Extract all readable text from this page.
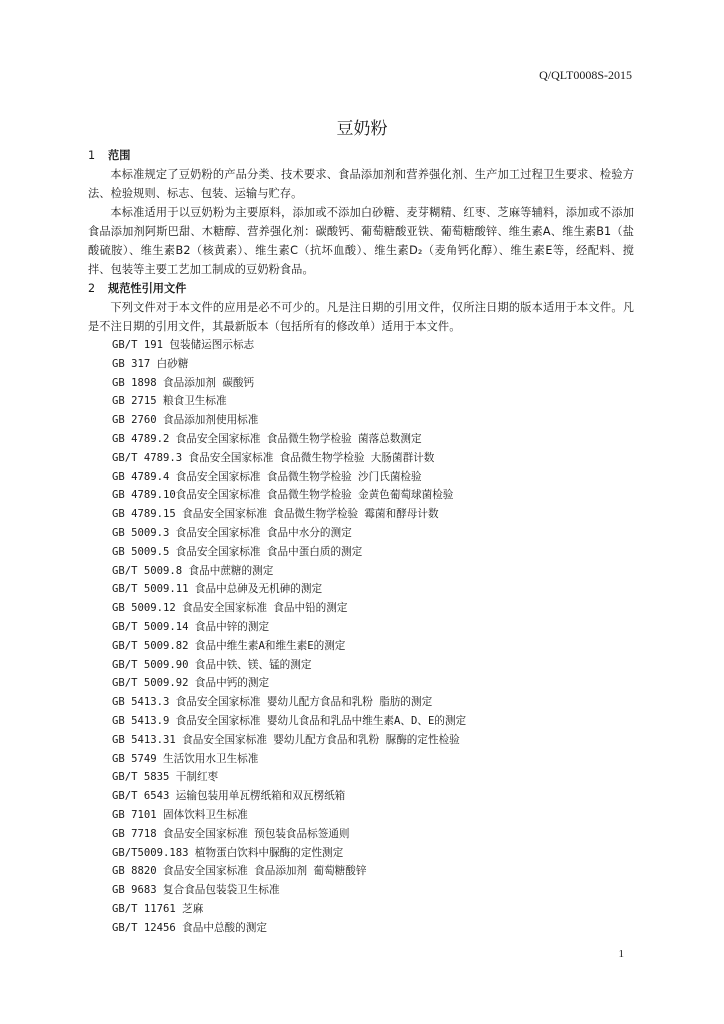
Q/QLT0008S-2015
豆奶粉
1 范围

本标准规定了豆奶粉的产品分类、技术要求、食品添加剂和营养强化剂、生产加工过程卫生要求、检验方法、检验规则、标志、包装、运输与贮存。

本标准适用于以豆奶粉为主要原料，添加或不添加白砂糖、麦芽糊精、红枣、芝麻等辅料，添加或不添加食品添加剂阿斯巴甜、木糖醇、营养强化剂：碳酸钙、葡萄糖酸亚铁、葡萄糖酸锌、维生素A、维生素B1（盐酸硫胺）、维生素B2（核黄素）、维生素C（抗坏血酸）、维生素D₂（麦角钙化醇）、维生素E等，经配料、搅拌、包装等主要工艺加工制成的豆奶粉食品。

2 规范性引用文件

下列文件对于本文件的应用是必不可少的。凡是注日期的引用文件，仅所注日期的版本适用于本文件。凡是不注日期的引用文件，其最新版本（包括所有的修改单）适用于本文件。

GB/T 191 包装储运图示标志
GB 317 白砂糖
GB 1898 食品添加剂 碳酸钙
GB 2715 粮食卫生标准
GB 2760 食品添加剂使用标准
GB 4789.2 食品安全国家标准 食品微生物学检验 菌落总数测定
GB/T 4789.3 食品安全国家标准 食品微生物学检验 大肠菌群计数
GB 4789.4 食品安全国家标准 食品微生物学检验 沙门氏菌检验
GB 4789.10食品安全国家标准 食品微生物学检验 金黄色葡萄球菌检验
GB 4789.15 食品安全国家标准 食品微生物学检验 霉菌和酵母计数
GB 5009.3 食品安全国家标准 食品中水分的测定
GB 5009.5 食品安全国家标准 食品中蛋白质的测定
GB/T 5009.8 食品中蔗糖的测定
GB/T 5009.11 食品中总砷及无机砷的测定
GB 5009.12 食品安全国家标准 食品中铅的测定
GB/T 5009.14 食品中锌的测定
GB/T 5009.82 食品中维生素A和维生素E的测定
GB/T 5009.90 食品中铁、镁、锰的测定
GB/T 5009.92 食品中钙的测定
GB 5413.3 食品安全国家标准 婴幼儿配方食品和乳粉 脂肪的测定
GB 5413.9 食品安全国家标准 婴幼儿食品和乳品中维生素A、D、E的测定
GB 5413.31 食品安全国家标准 婴幼儿配方食品和乳粉 脲酶的定性检验
GB 5749 生活饮用水卫生标准
GB/T 5835 干制红枣
GB/T 6543 运输包装用单瓦楞纸箱和双瓦楞纸箱
GB 7101 固体饮料卫生标准
GB 7718 食品安全国家标准 预包装食品标签通则
GB/T5009.183 植物蛋白饮料中脲酶的定性测定
GB 8820 食品安全国家标准 食品添加剂 葡萄糖酸锌
GB 9683 复合食品包装袋卫生标准
GB/T 11761 芝麻
GB/T 12456 食品中总酸的测定
1
